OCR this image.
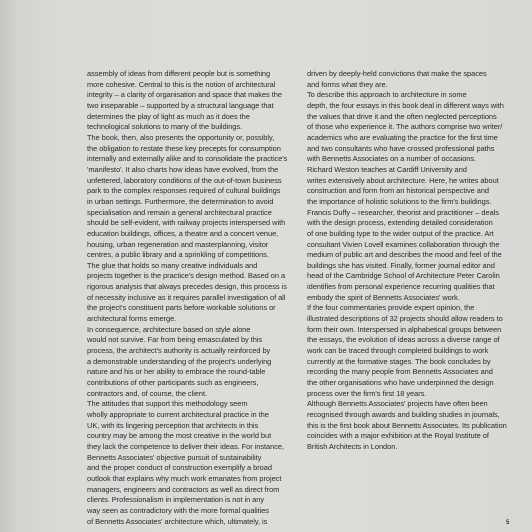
assembly of ideas from different people but is something

more cohesive. Central to this is the notion of architectural

integrity – a clarity of organisation and space that makes the

two inseparable – supported by a structural language that

determines the play of light as much as it does the

technological solutions to many of the buildings.

The book, then, also presents the opportunity or, possibly,

the obligation to restate these key precepts for consumption

internally and externally alike and to consolidate the practice's

'manifesto'. It also charts how ideas have evolved, from the

unfettered, laboratory conditions of the out-of-town business

park to the complex responses required of cultural buildings

in urban settings. Furthermore, the determination to avoid

specialisation and remain a general architectural practice

should be self-evident, with railway projects interspersed with

education buildings, offices, a theatre and a concert venue,

housing, urban regeneration and masterplanning, visitor

centres, a public library and a sprinkling of competitions.

The glue that holds so many creative individuals and

projects together is the practice's design method. Based on a

rigorous analysis that always precedes design, this process is

of necessity inclusive as it requires parallel investigation of all

the project's constituent parts before workable solutions or

architectural forms emerge.

In consequence, architecture based on style alone

would not survive. Far from being emasculated by this

process, the architect's authority is actually reinforced by

a demonstrable understanding of the project's underlying

nature and his or her ability to embrace the round-table

contributions of other participants such as engineers,

contractors and, of course, the client.

The attitudes that support this methodology seem

wholly appropriate to current architectural practice in the

UK, with its lingering perception that architects in this

country may be among the most creative in the world but

they lack the competence to deliver their ideas. For instance,

Bennetts Associates' objective pursuit of sustainability

and the proper conduct of construction exemplify a broad

outlook that explains why much work emanates from project

managers, engineers and contractors as well as direct from

clients. Professionalism in implementation is not in any

way seen as contradictory with the more formal qualities

of Bennetts Associates' architecture which, ultimately, is

driven by deeply-held convictions that make the spaces

and forms what they are.

To describe this approach to architecture in some

depth, the four essays in this book deal in different ways with

the values that drive it and the often neglected perceptions

of those who experience it. The authors comprise two writer/

academics who are evaluating the practice for the first time

and two consultants who have crossed professional paths

with Bennetts Associates on a number of occasions.

Richard Weston teaches at Cardiff University and

writes extensively about architecture. Here, he writes about

construction and form from an historical perspective and

the importance of holistic solutions to the firm's buildings.

Francis Duffy – researcher, theorist and practitioner – deals

with the design process, extending detailed consideration

of one building type to the wider output of the practice. Art

consultant Vivien Lovell examines collaboration through the

medium of public art and describes the mood and feel of the

buildings she has visited. Finally, former journal editor and

head of the Cambridge School of Architecture Peter Carolin

identifies from personal experience recurring qualities that

embody the spirit of Bennetts Associates' work.

If the four commentaries provide expert opinion, the

illustrated descriptions of 32 projects should allow readers to

form their own. Interspersed in alphabetical groups between

the essays, the evolution of ideas across a diverse range of

work can be traced through completed buildings to work

currently at the formative stages. The book concludes by

recording the many people from Bennetts Associates and

the other organisations who have underpinned the design

process over the firm's first 18 years.

Although Bennetts Associates' projects have often been

recognised through awards and building studies in journals,

this is the first book about Bennetts Associates. Its publication

coincides with a major exhibition at the Royal Institute of

British Architects in London.

5
